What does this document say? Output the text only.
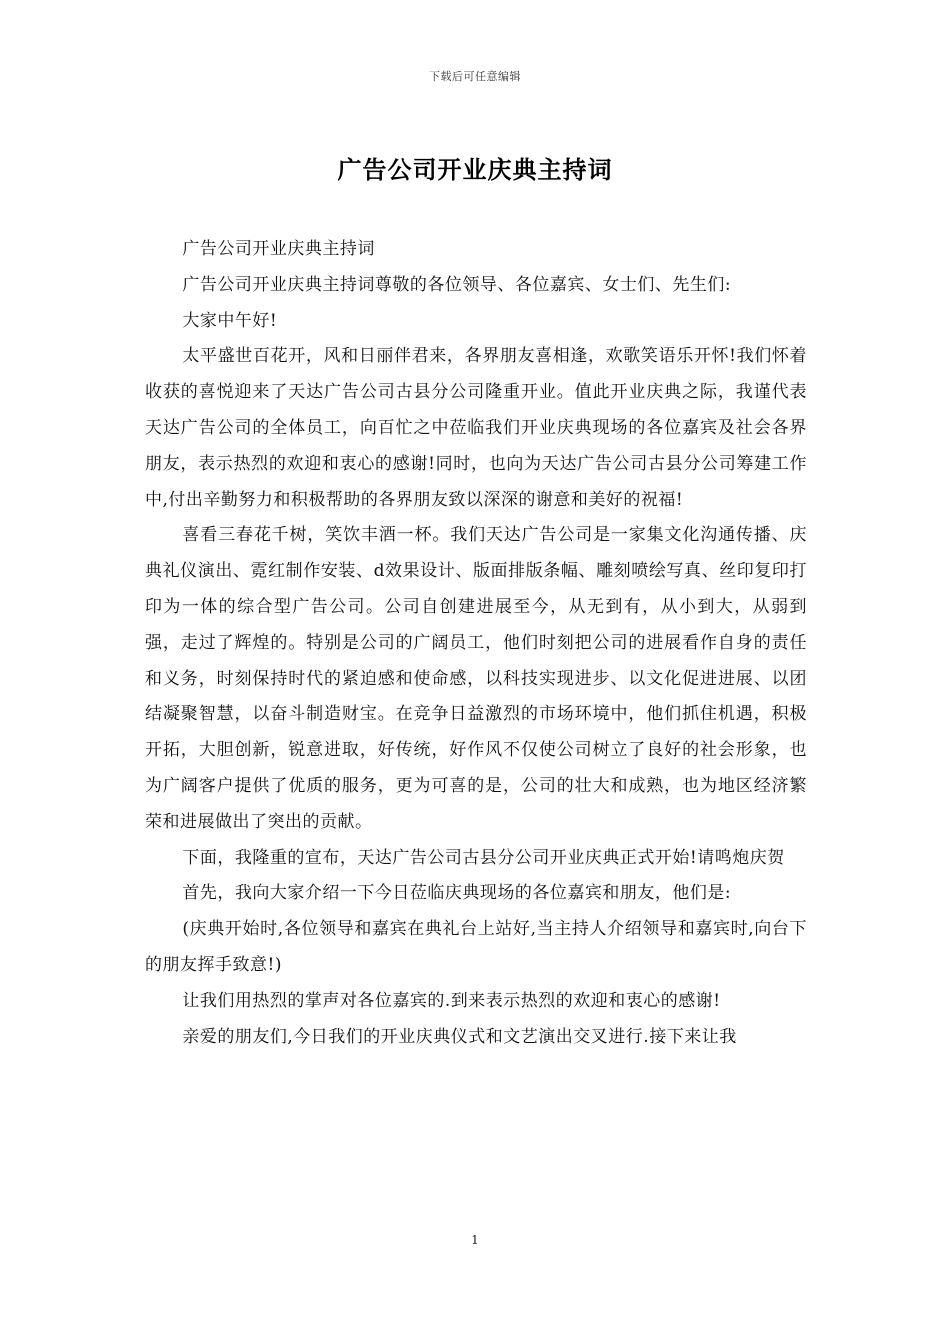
下载后可任意编辑
广告公司开业庆典主持词

广告公司开业庆典主持词

广告公司开业庆典主持词尊敬的各位领导、各位嘉宾、女士们、先生们:

大家中午好!

太平盛世百花开，风和日丽伴君来，各界朋友喜相逢，欢歌笑语乐开怀!我们怀着收获的喜悦迎来了天达广告公司古县分公司隆重开业。值此开业庆典之际，我谨代表天达广告公司的全体员工，向百忙之中莅临我们开业庆典现场的各位嘉宾及社会各界朋友，表示热烈的欢迎和衷心的感谢!同时，也向为天达广告公司古县分公司筹建工作中,付出辛勤努力和积极帮助的各界朋友致以深深的谢意和美好的祝福!

喜看三春花千树，笑饮丰酒一杯。我们天达广告公司是一家集文化沟通传播、庆典礼仪演出、霓红制作安装、d效果设计、版面排版条幅、雕刻喷绘写真、丝印复印打印为一体的综合型广告公司。公司自创建进展至今，从无到有，从小到大，从弱到强，走过了辉煌的。特别是公司的广阔员工，他们时刻把公司的进展看作自身的责任和义务，时刻保持时代的紧迫感和使命感，以科技实现进步、以文化促进进展、以团结凝聚智慧，以奋斗制造财宝。在竞争日益激烈的市场环境中，他们抓住机遇，积极开拓，大胆创新，锐意进取，好传统，好作风不仅使公司树立了良好的社会形象，也为广阔客户提供了优质的服务，更为可喜的是，公司的壮大和成熟，也为地区经济繁荣和进展做出了突出的贡献。

下面，我隆重的宣布，天达广告公司古县分公司开业庆典正式开始!请鸣炮庆贺

首先，我向大家介绍一下今日莅临庆典现场的各位嘉宾和朋友，他们是:

(庆典开始时,各位领导和嘉宾在典礼台上站好,当主持人介绍领导和嘉宾时,向台下的朋友挥手致意!)

让我们用热烈的掌声对各位嘉宾的.到来表示热烈的欢迎和衷心的感谢!

亲爱的朋友们,今日我们的开业庆典仪式和文艺演出交叉进行.接下来让我

1
